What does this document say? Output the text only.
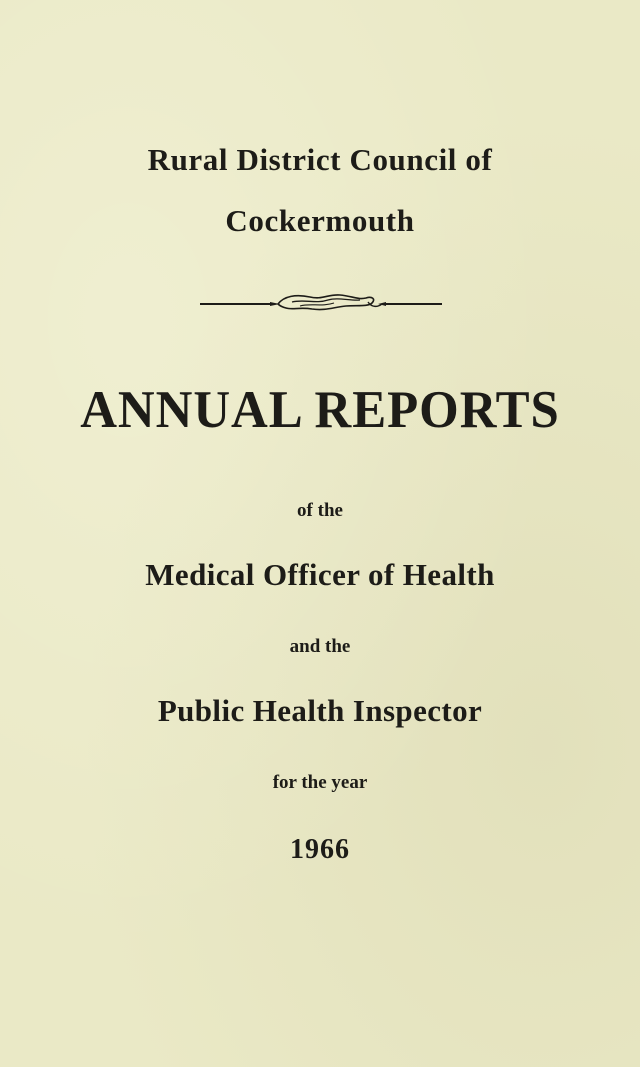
Rural District Council of
Cockermouth
ANNUAL REPORTS
of the
Medical Officer of Health
and the
Public Health Inspector
for the year
1966
